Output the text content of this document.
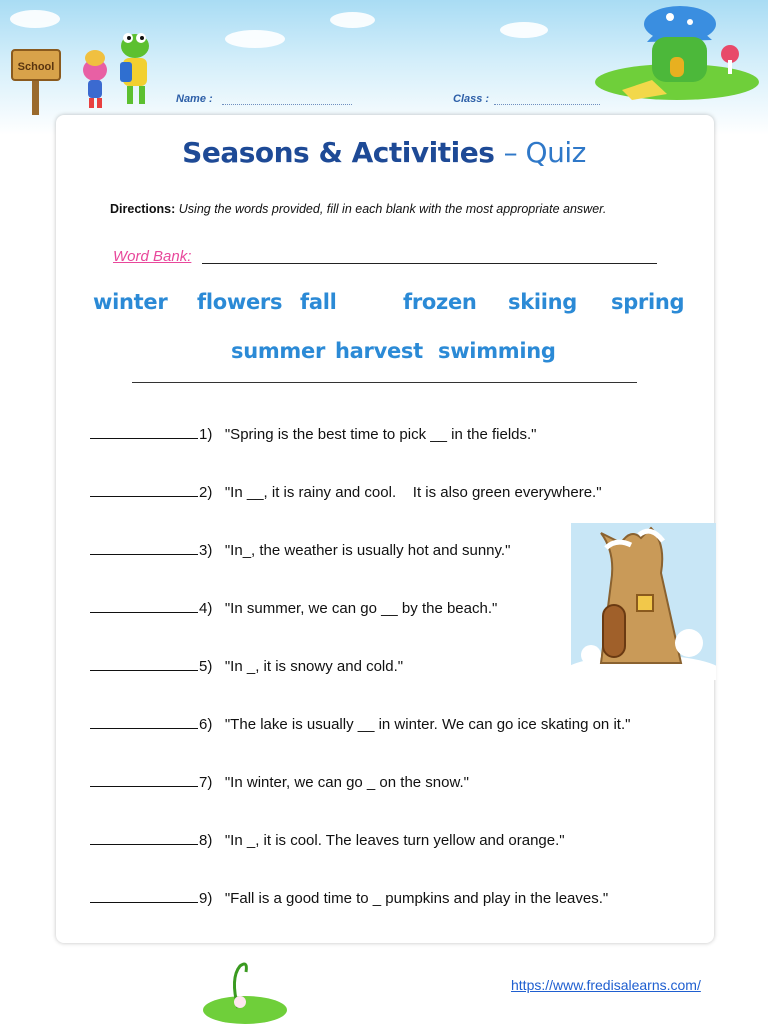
School
Name :	Class :
Seasons & Activities – Quiz
Directions: Using the words provided, fill in each blank with the most appropriate answer.
Word Bank:
winter flowers fall	frozen skiing spring
summer harvest swimming
1) "Spring is the best time to pick __ in the fields."
2) "In __, it is rainy and cool.    It is also green everywhere."
3) "In_, the weather is usually hot and sunny."
4) "In summer, we can go __ by the beach."
5) "In _, it is snowy and cold."
6) "The lake is usually __ in winter. We can go ice skating on it."
7) "In winter, we can go _ on the snow."
8) "In _, it is cool. The leaves turn yellow and orange."
9) "Fall is a good time to _ pumpkins and play in the leaves."
https://www.fredisalearns.com/
